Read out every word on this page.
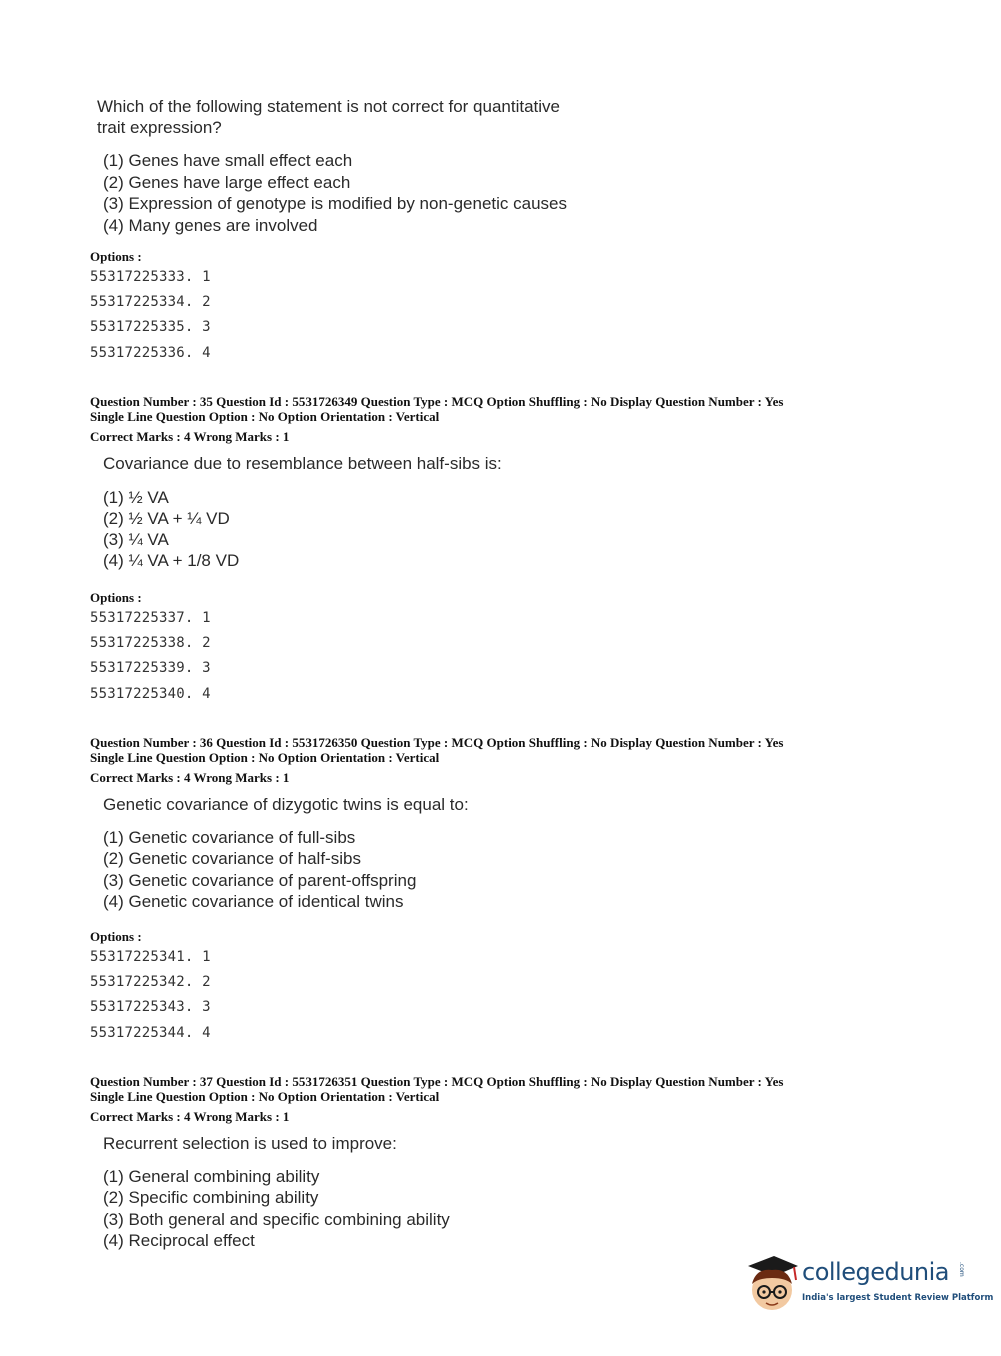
Which of the following statement is not correct for quantitative
trait expression?
(1) Genes have small effect each
(2) Genes have large effect each
(3) Expression of genotype is modified by non-genetic causes
(4) Many genes are involved
Options :
55317225333. 1
55317225334. 2
55317225335. 3
55317225336. 4
Question Number : 35 Question Id : 5531726349 Question Type : MCQ Option Shuffling : No Display Question Number : Yes
Single Line Question Option : No Option Orientation : Vertical
Correct Marks : 4 Wrong Marks : 1
Covariance due to resemblance between half-sibs is:
(1) ½ VA
(2) ½ VA + ¼ VD
(3) ¼ VA
(4) ¼ VA + 1/8 VD
Options :
55317225337. 1
55317225338. 2
55317225339. 3
55317225340. 4
Question Number : 36 Question Id : 5531726350 Question Type : MCQ Option Shuffling : No Display Question Number : Yes
Single Line Question Option : No Option Orientation : Vertical
Correct Marks : 4 Wrong Marks : 1
Genetic covariance of dizygotic twins is equal to:
(1) Genetic covariance of full-sibs
(2) Genetic covariance of half-sibs
(3) Genetic covariance of parent-offspring
(4) Genetic covariance of identical twins
Options :
55317225341. 1
55317225342. 2
55317225343. 3
55317225344. 4
Question Number : 37 Question Id : 5531726351 Question Type : MCQ Option Shuffling : No Display Question Number : Yes
Single Line Question Option : No Option Orientation : Vertical
Correct Marks : 4 Wrong Marks : 1
Recurrent selection is used to improve:
(1) General combining ability
(2) Specific combining ability
(3) Both general and specific combining ability
(4) Reciprocal effect
collegedunia .com
India's largest Student Review Platform
